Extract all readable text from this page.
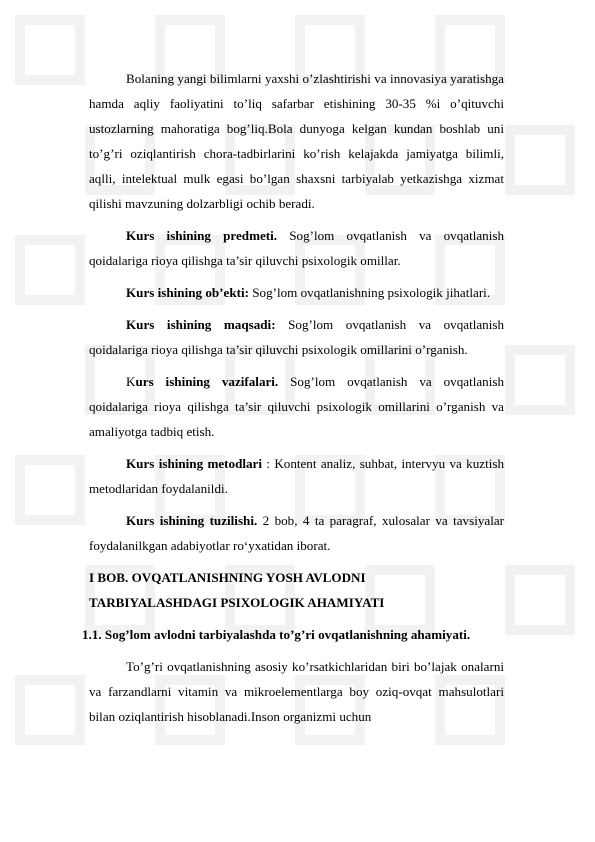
Bolaning yangi bilimlarni yaxshi o’zlashtirishi va innovasiya yaratishga hamda aqliy faoliyatini to’liq safarbar etishining 30-35 %i o’qituvchi ustozlarning mahoratiga bog’liq.Bola dunyoga kelgan kundan boshlab uni to’g’ri oziqlantirish chora-tadbirlarini ko’rish kelajakda jamiyatga bilimli, aqlli, intelektual mulk egasi bo’lgan shaxsni tarbiyalab yetkazishga xizmat qilishi mavzuning dolzarbligi ochib beradi.

Kurs ishining predmeti. Sog’lom ovqatlanish va ovqatlanish qoidalariga rioya qilishga ta’sir qiluvchi psixologik omillar.

Kurs ishining ob’ekti: Sog’lom ovqatlanishning psixologik jihatlari.

Kurs ishining maqsadi: Sog’lom ovqatlanish va ovqatlanish qoidalariga rioya qilishga ta’sir qiluvchi psixologik omillarini o’rganish.

Kurs ishining vazifalari. Sog’lom ovqatlanish va ovqatlanish qoidalariga rioya qilishga ta’sir qiluvchi psixologik omillarini o’rganish va amaliyotga tadbiq etish.

Kurs ishining metodlari : Kontent analiz, suhbat, intervyu va kuztish metodlaridan foydalanildi.

Kurs ishining tuzilishi. 2 bob, 4 ta paragraf, xulosalar va tavsiyalar foydalanilkgan adabiyotlar ro‘yxatidan iborat.

I BOB. OVQATLANISHNING YOSH AVLODNI

TARBIYALASHDAGI PSIXOLOGIK AHAMIYATI

1.1. Sog’lom avlodni tarbiyalashda to’g’ri ovqatlanishning ahamiyati.

To’g’ri ovqatlanishning asosiy ko’rsatkichlaridan biri bo’lajak onalarni va farzandlarni vitamin va mikroelementlarga boy oziq-ovqat mahsulotlari bilan oziqlantirish hisoblanadi.Inson organizmi uchun
